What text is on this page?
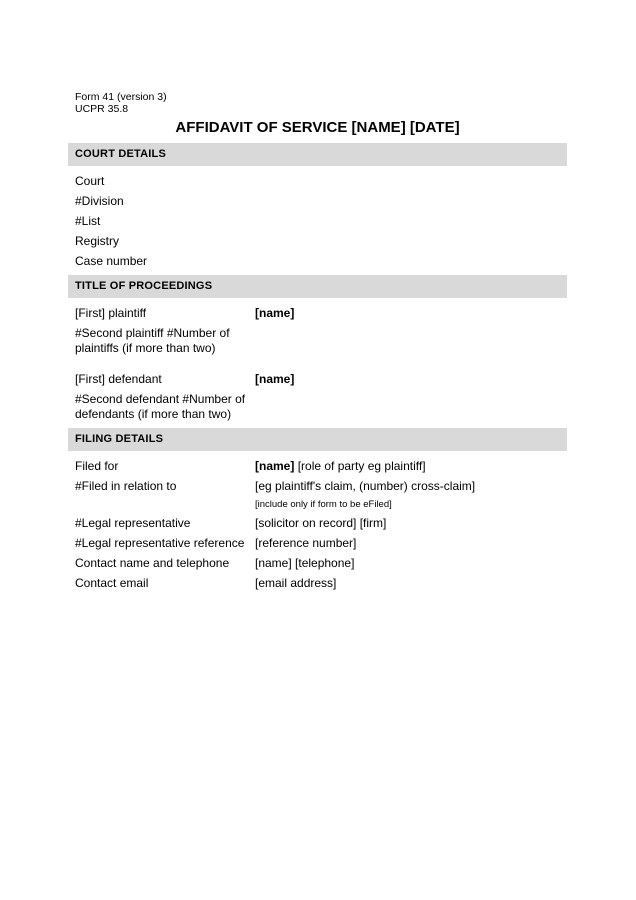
Form 41 (version 3)
UCPR 35.8
AFFIDAVIT OF SERVICE [NAME] [DATE]
COURT DETAILS
Court
#Division
#List
Registry
Case number
TITLE OF PROCEEDINGS
[First] plaintiff	[name]
#Second plaintiff #Number of plaintiffs (if more than two)
[First] defendant	[name]
#Second defendant #Number of defendants (if more than two)
FILING DETAILS
Filed for	[name] [role of party eg plaintiff]
#Filed in relation to	[eg plaintiff's claim, (number) cross-claim]
[include only if form to be eFiled]
#Legal representative	[solicitor on record] [firm]
#Legal representative reference [reference number]
Contact name and telephone	[name] [telephone]
Contact email	[email address]
